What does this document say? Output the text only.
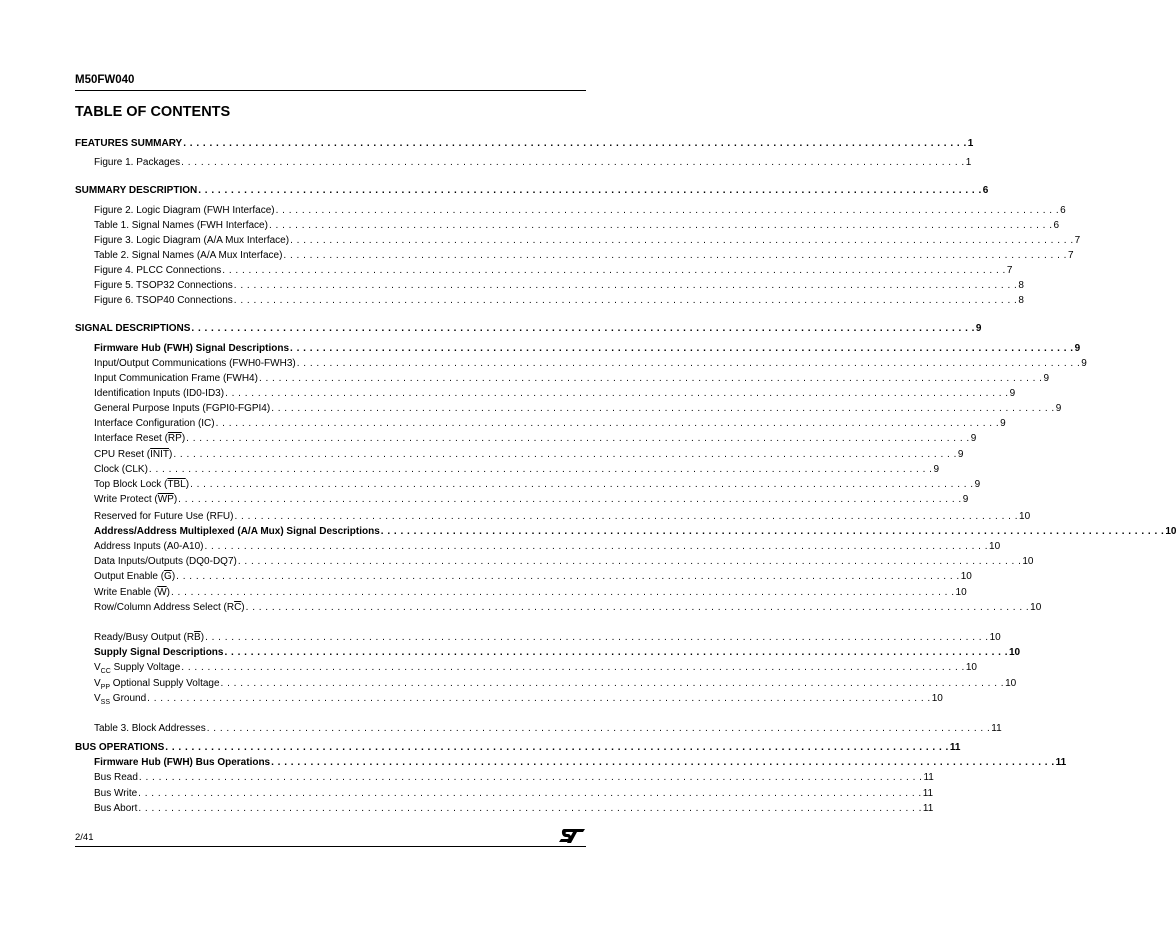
M50FW040
TABLE OF CONTENTS
FEATURES SUMMARY . . . . . . . . . . . . . . . . . . . . . . . . . . . . . . . . . . . . . . . . . . . . . . . . . . . . . . . . . . . . . . . . . . . . . . . . . . . . . . . . . . . . . . . . . . . . . . . . . . . . . . . . . . . . . . . . . . . . . . . . 1
Figure 1. Packages . . . . . . . . . . . . . . . . . . . . . . . . . . . . . . . . . . . . . . . . . . . . . . . . . . . . . . . . . . . . . . . . . . . . . . . . . . . . . . . . . . . . . . . . . . . . . . . . . . . . . . . . . . . . . . . . . . . . . . . . 1
SUMMARY DESCRIPTION . . . . . . . . . . . . . . . . . . . . . . . . . . . . . . . . . . . . . . . . . . . . . . . . . . . . . . . . . . . . . . . . . . . . . . . . . . . . . . . . . . . . . . . . . . . . . . . . . . . . . . . . . . . . . . . . . . . . . . . . 6
Figure 2. Logic Diagram (FWH Interface) . . . . . . . . . . . . . . . . . . . . . . . . . . . . . . . . . . . . . . . . . . . . . . . . . . . . . . . . . . . . . . . . . . . . . . . . . . . . . . . . . . . . . . . . . . . . . . . . . . . . . . . . . . . . . . . . . . . . . . . . 6
Table 1. Signal Names (FWH Interface) . . . . . . . . . . . . . . . . . . . . . . . . . . . . . . . . . . . . . . . . . . . . . . . . . . . . . . . . . . . . . . . . . . . . . . . . . . . . . . . . . . . . . . . . . . . . . . . . . . . . . . . . . . . . . . . . . . . . . . . . 6
Figure 3. Logic Diagram (A/A Mux Interface) . . . . . . . . . . . . . . . . . . . . . . . . . . . . . . . . . . . . . . . . . . . . . . . . . . . . . . . . . . . . . . . . . . . . . . . . . . . . . . . . . . . . . . . . . . . . . . . . . . . . . . . . . . . . . . . . . . . . . . . . 7
Table 2. Signal Names (A/A Mux Interface) . . . . . . . . . . . . . . . . . . . . . . . . . . . . . . . . . . . . . . . . . . . . . . . . . . . . . . . . . . . . . . . . . . . . . . . . . . . . . . . . . . . . . . . . . . . . . . . . . . . . . . . . . . . . . . . . . . . . . . . . 7
Figure 4. PLCC Connections . . . . . . . . . . . . . . . . . . . . . . . . . . . . . . . . . . . . . . . . . . . . . . . . . . . . . . . . . . . . . . . . . . . . . . . . . . . . . . . . . . . . . . . . . . . . . . . . . . . . . . . . . . . . . . . . . . . . . . . . 7
Figure 5. TSOP32 Connections . . . . . . . . . . . . . . . . . . . . . . . . . . . . . . . . . . . . . . . . . . . . . . . . . . . . . . . . . . . . . . . . . . . . . . . . . . . . . . . . . . . . . . . . . . . . . . . . . . . . . . . . . . . . . . . . . . . . . . . . 8
Figure 6. TSOP40 Connections . . . . . . . . . . . . . . . . . . . . . . . . . . . . . . . . . . . . . . . . . . . . . . . . . . . . . . . . . . . . . . . . . . . . . . . . . . . . . . . . . . . . . . . . . . . . . . . . . . . . . . . . . . . . . . . . . . . . . . . . 8
SIGNAL DESCRIPTIONS . . . . . . . . . . . . . . . . . . . . . . . . . . . . . . . . . . . . . . . . . . . . . . . . . . . . . . . . . . . . . . . . . . . . . . . . . . . . . . . . . . . . . . . . . . . . . . . . . . . . . . . . . . . . . . . . . . . . . . . . 9
Firmware Hub (FWH) Signal Descriptions . . . . . . . . . . . . . . . . . . . . . . . . . . . . . . . . . . . . . . . . . . . . . . . . . . . . . . . . . . . . . . . . . . . . . . . . . . . . . . . . . . . . . . . . . . . . . . . . . . . . . . . . . . . . . . . . . . . . . . . . 9
Input/Output Communications (FWH0-FWH3) . . . . . . . . . . . . . . . . . . . . . . . . . . . . . . . . . . . . . . . . . . . . . . . . . . . . . . . . . . . . . . . . . . . . . . . . . . . . . . . . . . . . . . . . . . . . . . . . . . . . . . . . . . . . . . . . . . . . . . . . 9
Input Communication Frame (FWH4) . . . . . . . . . . . . . . . . . . . . . . . . . . . . . . . . . . . . . . . . . . . . . . . . . . . . . . . . . . . . . . . . . . . . . . . . . . . . . . . . . . . . . . . . . . . . . . . . . . . . . . . . . . . . . . . . . . . . . . . . 9
Identification Inputs (ID0-ID3) . . . . . . . . . . . . . . . . . . . . . . . . . . . . . . . . . . . . . . . . . . . . . . . . . . . . . . . . . . . . . . . . . . . . . . . . . . . . . . . . . . . . . . . . . . . . . . . . . . . . . . . . . . . . . . . . . . . . . . . . 9
General Purpose Inputs (FGPI0-FGPI4) . . . . . . . . . . . . . . . . . . . . . . . . . . . . . . . . . . . . . . . . . . . . . . . . . . . . . . . . . . . . . . . . . . . . . . . . . . . . . . . . . . . . . . . . . . . . . . . . . . . . . . . . . . . . . . . . . . . . . . . . 9
Interface Configuration (IC) . . . . . . . . . . . . . . . . . . . . . . . . . . . . . . . . . . . . . . . . . . . . . . . . . . . . . . . . . . . . . . . . . . . . . . . . . . . . . . . . . . . . . . . . . . . . . . . . . . . . . . . . . . . . . . . . . . . . . . . . 9
Interface Reset $(\overline{RP})$ . . . . . . . . . . . . . . . . . . . . . . . . . . . . . . . . . . . . . . . . . . . . . . . . . . . . . . . . . . . . . . . . . . . . . . . . . . . . . . . . . . . . . . . . . . . . . . . . . . . . . . . . . . . . . . . . . . . . . . . . 9
CPU Reset (INIT) . . . . . . . . . . . . . . . . . . . . . . . . . . . . . . . . . . . . . . . . . . . . . . . . . . . . . . . . . . . . . . . . . . . . . . . . . . . . . . . . . . . . . . . . . . . . . . . . . . . . . . . . . . . . . . . . . . . . . . . . 9
Clock (CLK) . . . . . . . . . . . . . . . . . . . . . . . . . . . . . . . . . . . . . . . . . . . . . . . . . . . . . . . . . . . . . . . . . . . . . . . . . . . . . . . . . . . . . . . . . . . . . . . . . . . . . . . . . . . . . . . . . . . . . . . . 9
Top Block Lock $(\overline{TBL})$ . . . . . . . . . . . . . . . . . . . . . . . . . . . . . . . . . . . . . . . . . . . . . . . . . . . . . . . . . . . . . . . . . . . . . . . . . . . . . . . . . . . . . . . . . . . . . . . . . . . . . . . . . . . . . . . . . . . . . . . . 9
Write Protect $(\overline{WP})$ . . . . . . . . . . . . . . . . . . . . . . . . . . . . . . . . . . . . . . . . . . . . . . . . . . . . . . . . . . . . . . . . . . . . . . . . . . . . . . . . . . . . . . . . . . . . . . . . . . . . . . . . . . . . . . . . . . . . . . . . 9
Reserved for Future Use (RFU) . . . . . . . . . . . . . . . . . . . . . . . . . . . . . . . . . . . . . . . . . . . . . . . . . . . . . . . . . . . . . . . . . . . . . . . . . . . . . . . . . . . . . . . . . . . . . . . . . . . . . . . . . . . . . . . . . . . . . . . . 10
Address/Address Multiplexed (A/A Mux) Signal Descriptions . . . . . . . . . . . . . . . . . . . . . . . . . . . . . . . . . . . . . . . . . . . . . . . . . . . . . . . . . . . . . . . . . . . . . . . . . . . . . . . . . . . . . . . . . . . . . . . . . . . . . . . . . . . . . . . . . . . . . . . . 10
Address Inputs (A0-A10) . . . . . . . . . . . . . . . . . . . . . . . . . . . . . . . . . . . . . . . . . . . . . . . . . . . . . . . . . . . . . . . . . . . . . . . . . . . . . . . . . . . . . . . . . . . . . . . . . . . . . . . . . . . . . . . . . . . . . . . . 10
Data Inputs/Outputs (DQ0-DQ7) . . . . . . . . . . . . . . . . . . . . . . . . . . . . . . . . . . . . . . . . . . . . . . . . . . . . . . . . . . . . . . . . . . . . . . . . . . . . . . . . . . . . . . . . . . . . . . . . . . . . . . . . . . . . . . . . . . . . . . . . 10
Output Enable $(\overline{G})$ . . . . . . . . . . . . . . . . . . . . . . . . . . . . . . . . . . . . . . . . . . . . . . . . . . . . . . . . . . . . . . . . . . . . . . . . . . . . . . . . . . . . . . . . . . . . . . . . . . . . . . . . . . . . . . . . . . . . . . . . 10
Write Enable $(\overline{W})$ . . . . . . . . . . . . . . . . . . . . . . . . . . . . . . . . . . . . . . . . . . . . . . . . . . . . . . . . . . . . . . . . . . . . . . . . . . . . . . . . . . . . . . . . . . . . . . . . . . . . . . . . . . . . . . . . . . . . . . . . 10
Row/Column Address Select $(R\overline{C})$ . . . . . . . . . . . . . . . . . . . . . . . . . . . . . . . . . . . . . . . . . . . . . . . . . . . . . . . . . . . . . . . . . . . . . . . . . . . . . . . . . . . . . . . . . . . . . . . . . . . . . . . . . . . . . . . . . . . . . . . . 10
Ready/Busy Output $(R\overline{B})$ . . . . . . . . . . . . . . . . . . . . . . . . . . . . . . . . . . . . . . . . . . . . . . . . . . . . . . . . . . . . . . . . . . . . . . . . . . . . . . . . . . . . . . . . . . . . . . . . . . . . . . . . . . . . . . . . . . . . . . . . 10
Supply Signal Descriptions . . . . . . . . . . . . . . . . . . . . . . . . . . . . . . . . . . . . . . . . . . . . . . . . . . . . . . . . . . . . . . . . . . . . . . . . . . . . . . . . . . . . . . . . . . . . . . . . . . . . . . . . . . . . . . . . . . . . . . . . 10
$V_{CC}$ Supply Voltage . . . . . . . . . . . . . . . . . . . . . . . . . . . . . . . . . . . . . . . . . . . . . . . . . . . . . . . . . . . . . . . . . . . . . . . . . . . . . . . . . . . . . . . . . . . . . . . . . . . . . . . . . . . . . . . . . . . . . . . . 10
$V_{PP}$ Optional Supply Voltage . . . . . . . . . . . . . . . . . . . . . . . . . . . . . . . . . . . . . . . . . . . . . . . . . . . . . . . . . . . . . . . . . . . . . . . . . . . . . . . . . . . . . . . . . . . . . . . . . . . . . . . . . . . . . . . . . . . . . . . . 10
$V_{SS}$ Ground . . . . . . . . . . . . . . . . . . . . . . . . . . . . . . . . . . . . . . . . . . . . . . . . . . . . . . . . . . . . . . . . . . . . . . . . . . . . . . . . . . . . . . . . . . . . . . . . . . . . . . . . . . . . . . . . . . . . . . . . 10
Table 3. Block Addresses . . . . . . . . . . . . . . . . . . . . . . . . . . . . . . . . . . . . . . . . . . . . . . . . . . . . . . . . . . . . . . . . . . . . . . . . . . . . . . . . . . . . . . . . . . . . . . . . . . . . . . . . . . . . . . . . . . . . . . . . 11
BUS OPERATIONS . . . . . . . . . . . . . . . . . . . . . . . . . . . . . . . . . . . . . . . . . . . . . . . . . . . . . . . . . . . . . . . . . . . . . . . . . . . . . . . . . . . . . . . . . . . . . . . . . . . . . . . . . . . . . . . . . . . . . . . . 11
Firmware Hub (FWH) Bus Operations . . . . . . . . . . . . . . . . . . . . . . . . . . . . . . . . . . . . . . . . . . . . . . . . . . . . . . . . . . . . . . . . . . . . . . . . . . . . . . . . . . . . . . . . . . . . . . . . . . . . . . . . . . . . . . . . . . . . . . . . 11
Bus Read . . . . . . . . . . . . . . . . . . . . . . . . . . . . . . . . . . . . . . . . . . . . . . . . . . . . . . . . . . . . . . . . . . . . . . . . . . . . . . . . . . . . . . . . . . . . . . . . . . . . . . . . . . . . . . . . . . . . . . . . 11
Bus Write . . . . . . . . . . . . . . . . . . . . . . . . . . . . . . . . . . . . . . . . . . . . . . . . . . . . . . . . . . . . . . . . . . . . . . . . . . . . . . . . . . . . . . . . . . . . . . . . . . . . . . . . . . . . . . . . . . . . . . . . 11
Bus Abort . . . . . . . . . . . . . . . . . . . . . . . . . . . . . . . . . . . . . . . . . . . . . . . . . . . . . . . . . . . . . . . . . . . . . . . . . . . . . . . . . . . . . . . . . . . . . . . . . . . . . . . . . . . . . . . . . . . . . . . . 11
2/41
